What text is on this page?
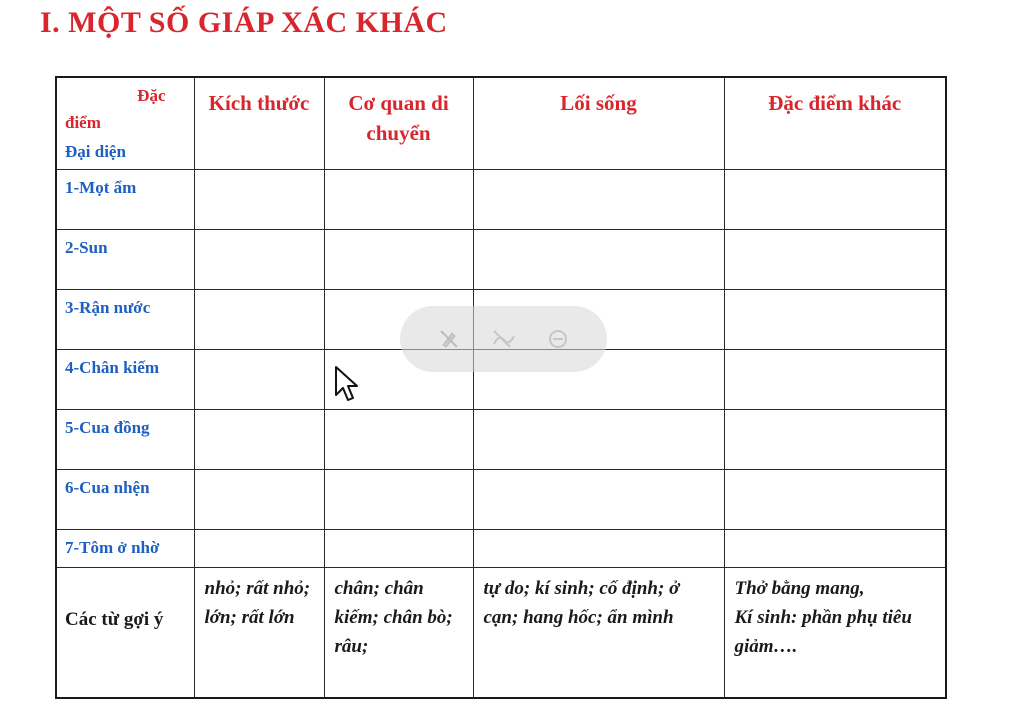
I. MỘT SỐ GIÁP XÁC KHÁC
Đặc
điểm
Đại diện	Kích thước	Cơ quan di chuyển	Lối sống	Đặc điểm khác
1-Mọt ẩm				
2-Sun				
3-Rận nước				
4-Chân kiếm				
5-Cua đồng				
6-Cua nhện				
7-Tôm ở nhờ				
Các từ gợi ý	nhỏ; rất nhỏ; lớn; rất lớn	chân; chân kiếm; chân bò; râu;	tự do; kí sinh; cố định; ở cạn; hang hốc; ẩn mình	Thở bằng mang,
Kí sinh: phần phụ tiêu giảm….
